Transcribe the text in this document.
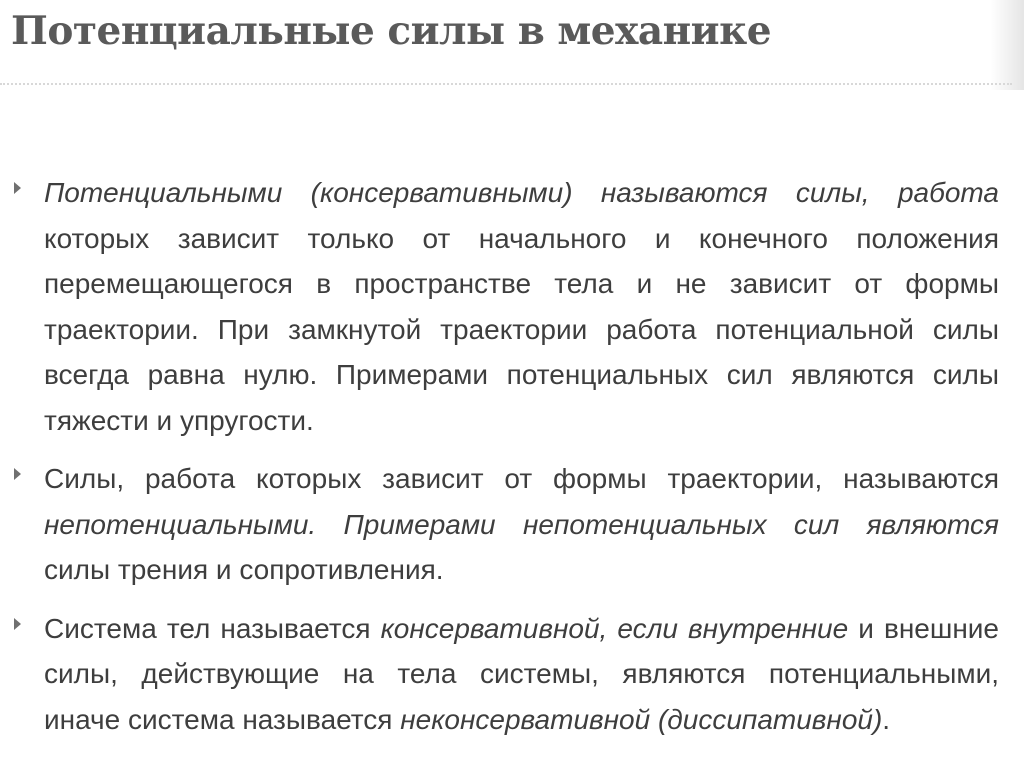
Потенциальные силы в механике
Потенциальными (консервативными) называются силы, работа
которых зависит только от начального и конечного положения
перемещающегося в пространстве тела и не зависит от формы
траектории. При замкнутой траектории работа потенциальной силы
всегда равна нулю. Примерами потенциальных сил являются силы
тяжести и упругости.
Силы, работа которых зависит от формы траектории, называются
непотенциальными. Примерами непотенциальных сил являются
силы трения и сопротивления.
Система тел называется консервативной, если внутренние и внешние
силы, действующие на тела системы, являются потенциальными,
иначе система называется неконсервативной (диссипативной).
